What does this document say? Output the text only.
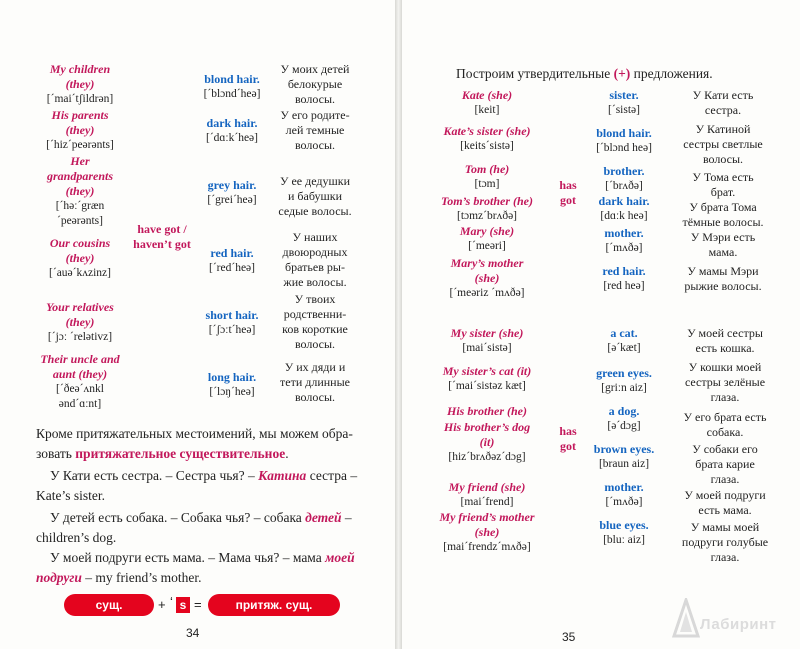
My children
(they)
[ˊmaiˊtʃildrən]
His parents
(they)
[ˊhizˊpeərənts]
Her
grandparents
(they)
[ˊhəːˊgræn
ˊpeərənts]
Our cousins
(they)
[ˊauəˊkʌzinz]
Your relatives
(they)
[ˊjɔː ˊrelətivz]
Their uncle and
aunt (they)
[ˊðeəˊʌnkl
əndˊɑːnt]
have got /
haven’t got
blond hair.
[ˊblɔndˊheə]
dark hair.
[ˊdɑːkˊheə]
grey hair.
[ˊgreiˊheə]
red hair.
[ˊredˊheə]
short hair.
[ˊʃɔːtˊheə]
long hair.
[ˊlɔŋˊheə]
У моих детей
белокурые
волосы.
У его родите-
лей темные
волосы.
У ее дедушки
и бабушки
седые волосы.
У наших
двоюродных
братьев ры-
жие волосы.
У твоих
родственни-
ков короткие
волосы.
У их дяди и
тети длинные
волосы.
Кроме притяжательных местоимений, мы можем обра-зовать притяжательное существительное.
У Кати есть сестра. – Сестра чья? – Катина сестра –
Kate’s sister.
У детей есть собака. – Собака чья? – собака детей –
children’s dog.
У моей подруги есть мама. – Мама чья? – мама моей
подруги – my friend’s mother.
сущ.	+ ‘ s =	притяж. сущ.
34
Построим утвердительные (+) предложения.
Kate (she)
[keit]
Kate’s sister (she)
[keitsˊsistə]
Tom (he)
[tɔm]
Tom’s brother (he)
[tɔmzˊbrʌðə]
Mary (she)
[ˊmeəri]
Mary’s mother
(she)
[ˊmeəriz ˊmʌðə]
has
got
sister.
[ˊsistə]
blond hair.
[ˊblɔnd heə]
brother.
[ˊbrʌðə]
dark hair.
[dɑːk heə]
mother.
[ˊmʌðə]
red hair.
[red heə]
У Кати есть
сестра.
У Катиной
сестры светлые
волосы.
У Тома есть
брат.
У брата Тома
тёмные волосы.
У Мэри есть
мама.
У мамы Мэри
рыжие волосы.
My sister (she)
[maiˊsistə]
My sister’s cat (it)
[ˊmaiˊsistəz kæt]
His brother (he)
His brother’s dog
(it)
[hizˊbrʌðəzˊdɔg]
My friend (she)
[maiˊfrend]
My friend’s mother
(she)
[maiˊfrendzˊmʌðə]
has
got
a cat.
[əˊkæt]
green eyes.
[griːn aiz]
a dog.
[əˊdɔg]
brown eyes.
[braun aiz]
mother.
[ˊmʌðə]
blue eyes.
[bluː aiz]
У моей сестры
есть кошка.
У кошки моей
сестры зелёные
глаза.
У его брата есть
собака.
У собаки его
брата карие
глаза.
У моей подруги
есть мама.
У мамы моей
подруги голубые
глаза.
35
Лабиринт
